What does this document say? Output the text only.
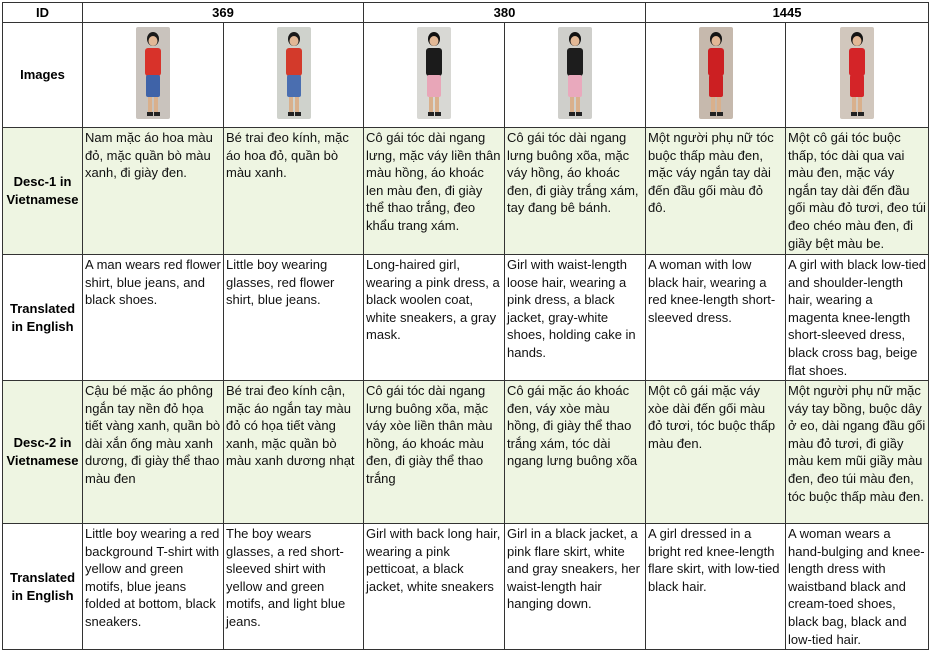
ID	369		380		1445	
Images	

Desc-1 in
Vietnamese	Nam mặc áo hoa màu đỏ, mặc quần bò màu xanh, đi giày đen.	Bé trai đeo kính, mặc áo hoa đỏ, quần bò màu xanh.	Cô gái tóc dài ngang lưng, mặc váy liền thân màu hồng, áo khoác len màu đen, đi giày thể thao trắng, đeo khẩu trang xám.	Cô gái tóc dài ngang lưng buông xõa, mặc váy hồng, áo khoác đen, đi giày trắng xám, tay đang bê bánh.	Một người phụ nữ tóc buộc thấp màu đen, mặc váy ngắn tay dài đến đầu gối màu đỏ đô.	Một cô gái tóc buộc thấp, tóc dài qua vai màu đen, mặc váy ngắn tay dài đến đầu gối màu đỏ tươi, đeo túi đeo chéo màu đen, đi giầy bệt màu be.
Translated
in English	A man wears red flower shirt, blue jeans, and black shoes.	Little boy wearing glasses, red flower shirt, blue jeans.	Long-haired girl, wearing a pink dress, a black woolen coat, white sneakers, a gray mask.	Girl with waist-length loose hair, wearing a pink dress, a black jacket, gray-white shoes, holding cake in hands.	A woman with low black hair, wearing a red knee-length short-sleeved dress.	A girl with black low-tied and shoulder-length hair, wearing a magenta knee-length short-sleeved dress, black cross bag, beige flat shoes.
Desc-2 in
Vietnamese	Cậu bé mặc áo phông ngắn tay nền đỏ họa tiết vàng xanh, quần bò dài xắn ống màu xanh dương, đi giày thể thao màu đen	Bé trai đeo kính cận, mặc áo ngắn tay màu đỏ có họa tiết vàng xanh, mặc quần bò màu xanh dương nhạt	Cô gái tóc dài ngang lưng buông xõa, mặc váy xòe liền thân màu hồng, áo khoác màu đen, đi giày thể thao trắng	Cô gái mặc áo khoác đen, váy xòe màu hồng, đi giày thể thao trắng xám, tóc dài ngang lưng buông xõa	Một cô gái mặc váy xòe dài đến gối màu đỏ tươi, tóc buộc thấp màu đen.	Một người phụ nữ mặc váy tay bồng, buộc dây ở eo, dài ngang đầu gối màu đỏ tươi, đi giầy màu kem mũi giầy màu đen, đeo túi màu đen, tóc buộc thấp màu đen.
Translated
in English	Little boy wearing a red background T-shirt with yellow and green motifs, blue jeans folded at bottom, black sneakers.	The boy wears glasses, a red short-sleeved shirt with yellow and green motifs, and light blue jeans.	Girl with back long hair, wearing a pink petticoat, a black jacket, white sneakers	Girl in a black jacket, a pink flare skirt, white and gray sneakers, her waist-length hair hanging down.	A girl dressed in a bright red knee-length flare skirt, with low-tied black hair.	A woman wears a hand-bulging and knee-length dress with waistband black and cream-toed shoes, black bag, black and low-tied hair.
